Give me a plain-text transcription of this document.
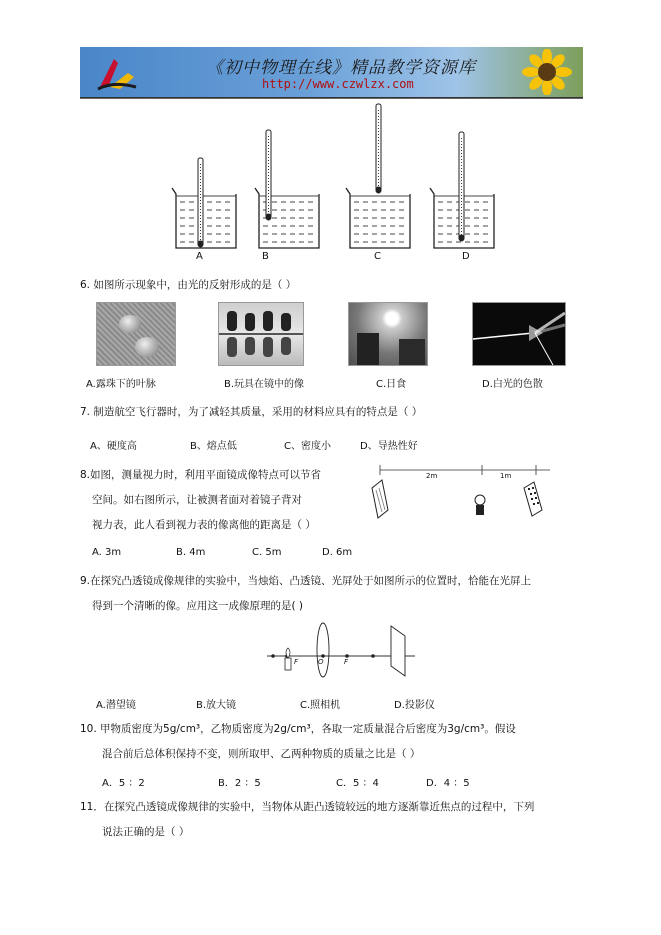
《初中物理在线》精品教学资源库
http://www.czwlzx.com
A	B	C	D
6. 如图所示现象中，由光的反射形成的是（ ）
A.露珠下的叶脉	B.玩具在镜中的像	C.日食	D.白光的色散
7. 制造航空飞行器时，为了减轻其质量，采用的材料应具有的特点是（ ）
A、硬度高	B、熔点低	C、密度小	D、导热性好
8.如图，测量视力时，利用平面镜成像特点可以节省
空间。如右图所示，让被测者面对着镜子背对
视力表，此人看到视力表的像离他的距离是（ ）
A. 3m	B. 4m	C. 5m	D. 6m
2m	1m
9.在探究凸透镜成像规律的实验中，当烛焰、凸透镜、光屏处于如图所示的位置时，恰能在光屏上
得到一个清晰的像。应用这一成像原理的是( )
F	O	F
A.潜望镜	B.放大镜	C.照相机	D.投影仪
10. 甲物质密度为5g/cm³，乙物质密度为2g/cm³，各取一定质量混合后密度为3g/cm³。假设
混合前后总体积保持不变，则所取甲、乙两种物质的质量之比是（ ）
A．5 ：2	B．2 ：5	C．5 ：4	D．4 ：5
11．在探究凸透镜成像规律的实验中，当物体从距凸透镜较远的地方逐渐靠近焦点的过程中，下列
说法正确的是（ ）
